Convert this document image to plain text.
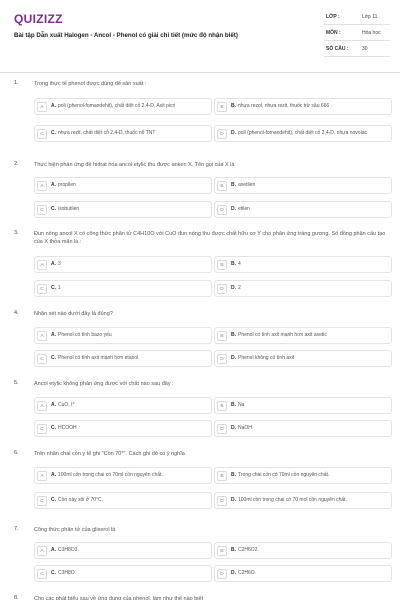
QUIZIZZ
Bài tập Dẫn xuất Halogen - Ancol - Phenol có giải chi tiết (mức độ nhận biết)
LỚP :	Lớp 11
MÔN :	Hóa học
SỐ CÂU :	30
1.	Trong thực tế phenol được dùng để sản xuất :
A	A. poli (phenol-fomandehit), chất diệt cỏ 2,4-D, Axit picri	B	B. nhựa rezol, nhựa rezit, thuốc trừ sâu 666
C	C. nhựa rezit, chất diệt cỏ 2,4-D, thuốc nổ TNT	D	D. poli (phenol-fomandehit), chất diệt cỏ 2,4-D, nhựa novolac
2.	Thực hiện phản ứng đề hidrat hóa ancol etylic thu được anken X. Tên gọi của X là
A	A. propilen	B	B. axetilen
C	C. isobutilen	D	D. etilen
3.	Đun nóng ancol X có công thức phân tử C4H10O với CuO đun nóng thu được chất hữu cơ Y cho phản ứng tráng gương. Số đồng phân cấu tạo của X thỏa mãn là :
A	A. 3	B	B. 4
C	C. 1	D	D. 2
4.	Nhận xét nào dưới đây là đúng?
A	A. Phenol có tính bazo yếu	B	B. Phenol có tính axit mạnh hơn axit axetic
C	C. Phenol có tính axit mạnh hơn etanol	D	D. Phenol không có tính axit
5.	Ancol etylic không phản ứng được với chất nào sau đây :
A	A. CuO, t°	B	B. Na
C	C. HCOOH	D	D. NaOH
6.	Trên nhãn chai cồn y tế ghi "Cồn 70°". Cách ghi đó có ý nghĩa
A	A. 100ml cồn trong chai có 70ml cồn nguyên chất.	B	B. Trong chai cồn có 70ml cồn nguyên chất.
C	C. Cồn này sôi ở 70°C.	D	D. 100ml cồn trong chai có 70 mol cồn nguyên chất.
7.	Công thức phân tử của glixerol là
A	A. C3H8O3.	B	B. C2H6O2.
C	C. C3H8O.	D	D. C2H6O.
8.	Cho các phát biểu sau về ứng dụng của phenol, làm như thế nào biết
